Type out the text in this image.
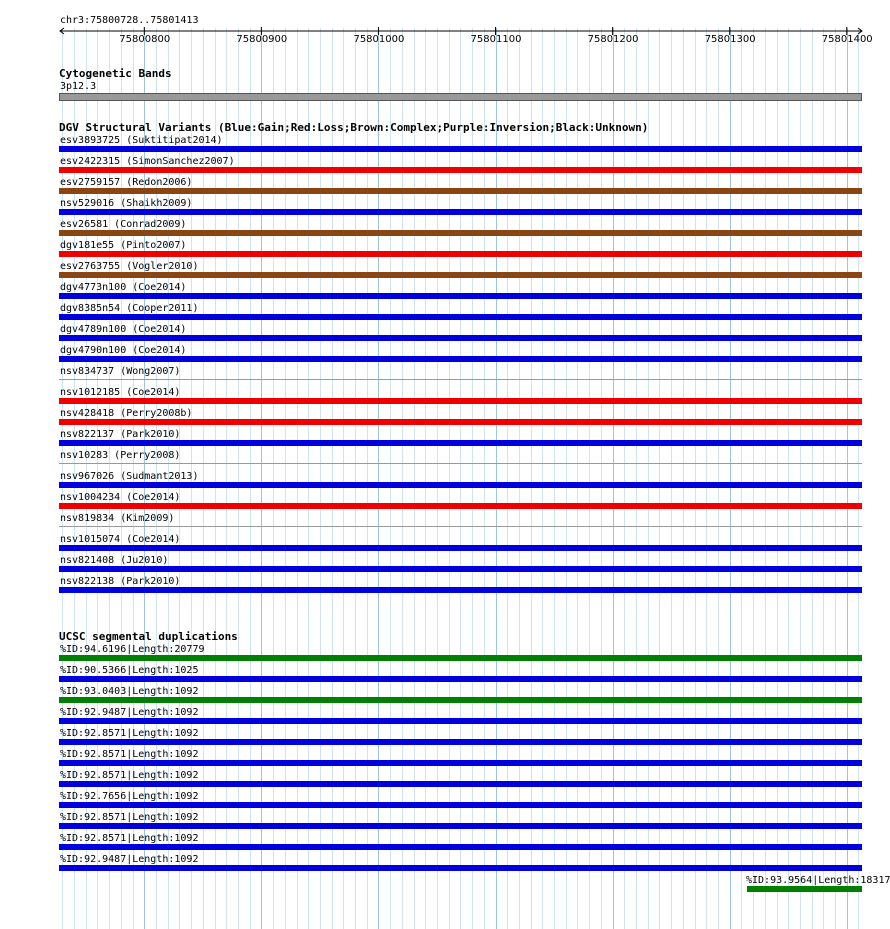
chr3:75800728..75801413
75800800	75800900	75801000	75801100	75801200	75801300	75801400
Cytogenetic Bands
3p12.3
DGV Structural Variants (Blue:Gain;Red:Loss;Brown:Complex;Purple:Inversion;Black:Unknown)
esv3893725 (Suktitipat2014)
esv2422315 (SimonSanchez2007)
esv2759157 (Redon2006)
nsv529016 (Shaikh2009)
esv26581 (Conrad2009)
dgv181e55 (Pinto2007)
esv2763755 (Vogler2010)
dgv4773n100 (Coe2014)
dgv8385n54 (Cooper2011)
dgv4789n100 (Coe2014)
dgv4790n100 (Coe2014)
nsv834737 (Wong2007)
nsv1012185 (Coe2014)
nsv428418 (Perry2008b)
nsv822137 (Park2010)
nsv10283 (Perry2008)
nsv967026 (Sudmant2013)
nsv1004234 (Coe2014)
nsv819834 (Kim2009)
nsv1015074 (Coe2014)
nsv821408 (Ju2010)
nsv822138 (Park2010)
UCSC segmental duplications
%ID:94.6196|Length:20779
%ID:90.5366|Length:1025
%ID:93.0403|Length:1092
%ID:92.9487|Length:1092
%ID:92.8571|Length:1092
%ID:92.8571|Length:1092
%ID:92.8571|Length:1092
%ID:92.7656|Length:1092
%ID:92.8571|Length:1092
%ID:92.8571|Length:1092
%ID:92.9487|Length:1092
%ID:93.9564|Length:18317
